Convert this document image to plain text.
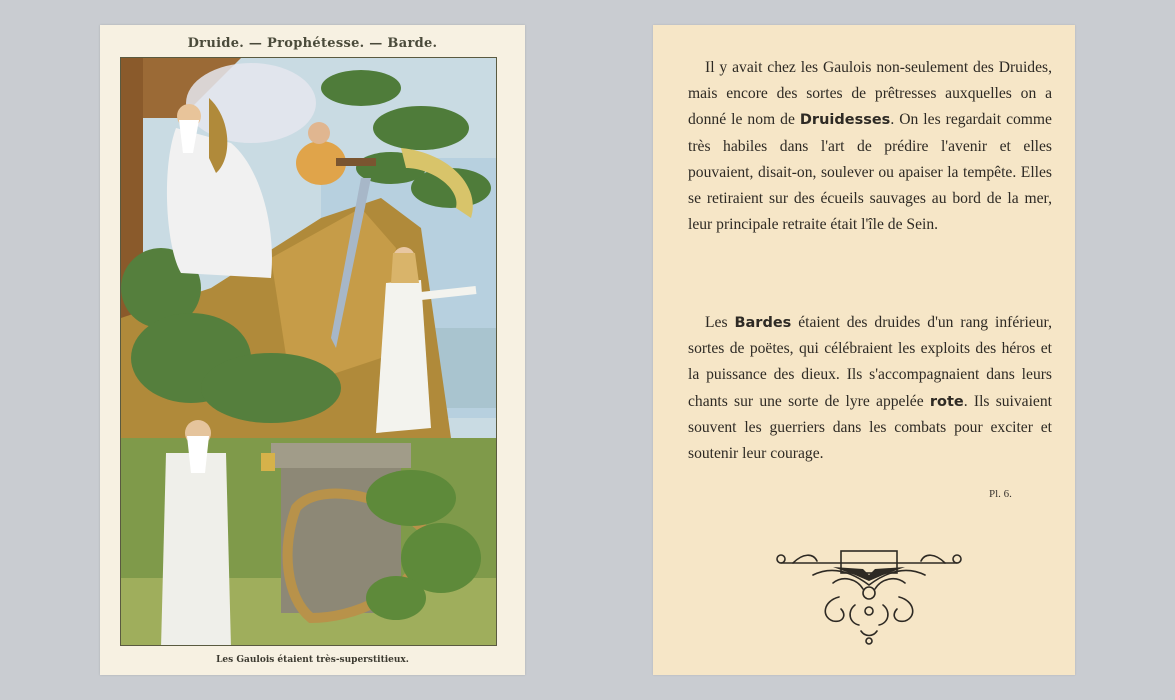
Druide. — Prophétesse. — Barde.
Les Gaulois étaient très-superstitieux.
Il y avait chez les Gaulois non-seulement des Druides, mais encore des sortes de prêtresses auxquelles on a donné le nom de Druidesses. On les regardait comme très habiles dans l'art de prédire l'avenir et elles pouvaient, disait-on, soulever ou apaiser la tempête. Elles se retiraient sur des écueils sauvages au bord de la mer, leur principale retraite était l'île de Sein.
Les Bardes étaient des druides d'un rang inférieur, sortes de poëtes, qui célébraient les exploits des héros et la puissance des dieux. Ils s'accompagnaient dans leurs chants sur une sorte de lyre appelée rote. Ils suivaient souvent les guerriers dans les combats pour exciter et soutenir leur courage.
Pl. 6.
